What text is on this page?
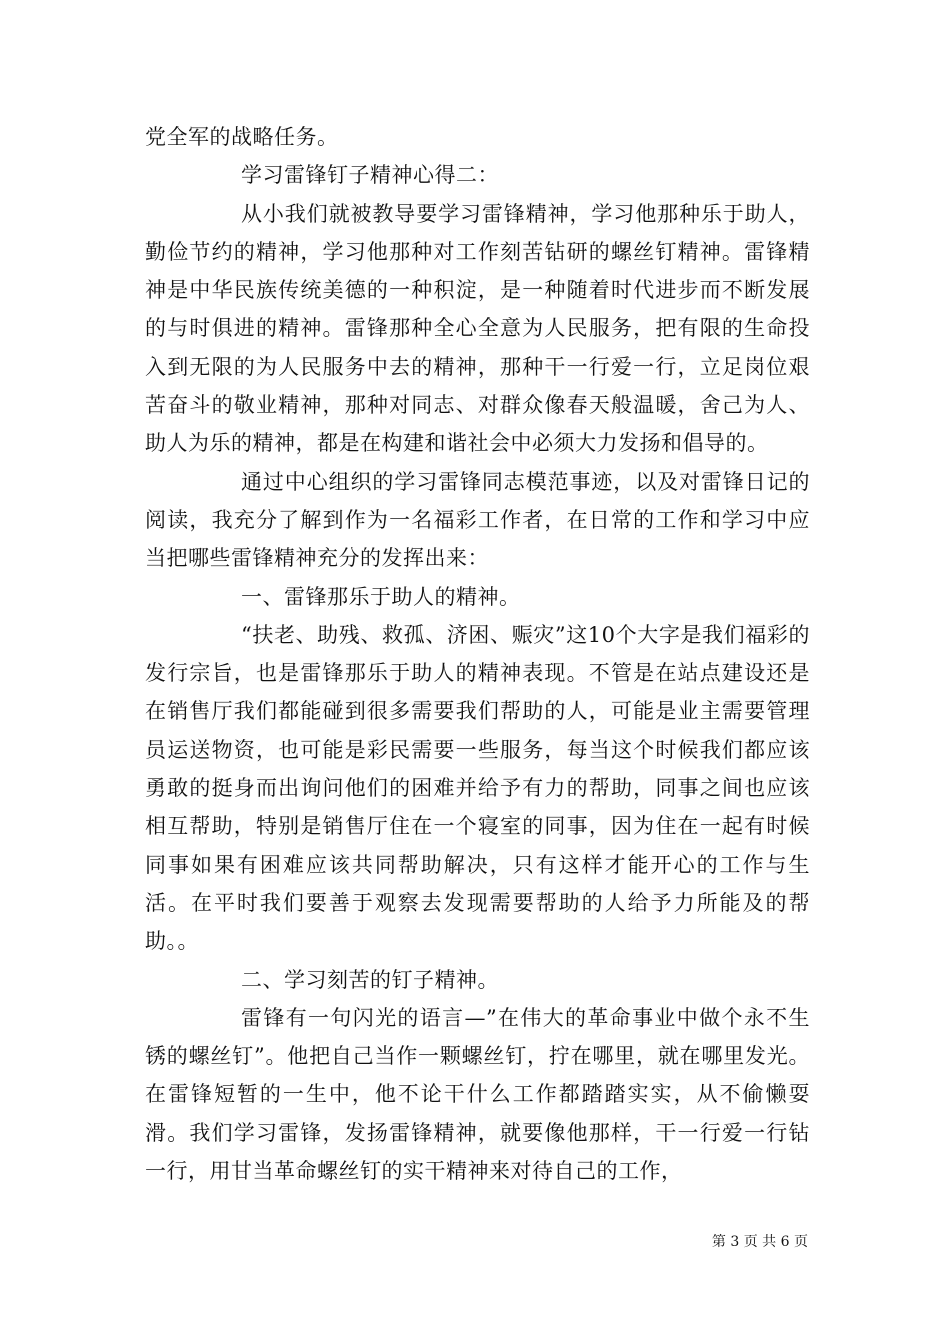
党全军的战略任务。

学习雷锋钉子精神心得二：

从小我们就被教导要学习雷锋精神，学习他那种乐于助人，勤俭节约的精神，学习他那种对工作刻苦钻研的螺丝钉精神。雷锋精神是中华民族传统美德的一种积淀，是一种随着时代进步而不断发展的与时俱进的精神。雷锋那种全心全意为人民服务，把有限的生命投入到无限的为人民服务中去的精神，那种干一行爱一行，立足岗位艰苦奋斗的敬业精神，那种对同志、对群众像春天般温暖，舍己为人、助人为乐的精神，都是在构建和谐社会中必须大力发扬和倡导的。

通过中心组织的学习雷锋同志模范事迹，以及对雷锋日记的阅读，我充分了解到作为一名福彩工作者，在日常的工作和学习中应当把哪些雷锋精神充分的发挥出来：

一、雷锋那乐于助人的精神。

“扶老、助残、救孤、济困、赈灾”这10个大字是我们福彩的发行宗旨，也是雷锋那乐于助人的精神表现。不管是在站点建设还是在销售厅我们都能碰到很多需要我们帮助的人，可能是业主需要管理员运送物资，也可能是彩民需要一些服务，每当这个时候我们都应该勇敢的挺身而出询问他们的困难并给予有力的帮助，同事之间也应该相互帮助，特别是销售厅住在一个寝室的同事，因为住在一起有时候同事如果有困难应该共同帮助解决，只有这样才能开心的工作与生活。在平时我们要善于观察去发现需要帮助的人给予力所能及的帮助。。

二、学习刻苦的钉子精神。

雷锋有一句闪光的语言—”在伟大的革命事业中做个永不生锈的螺丝钉”。他把自己当作一颗螺丝钉，拧在哪里，就在哪里发光。在雷锋短暂的一生中，他不论干什么工作都踏踏实实，从不偷懒耍滑。我们学习雷锋，发扬雷锋精神，就要像他那样，干一行爱一行钻一行，用甘当革命螺丝钉的实干精神来对待自己的工作，

第 3 页 共 6 页
